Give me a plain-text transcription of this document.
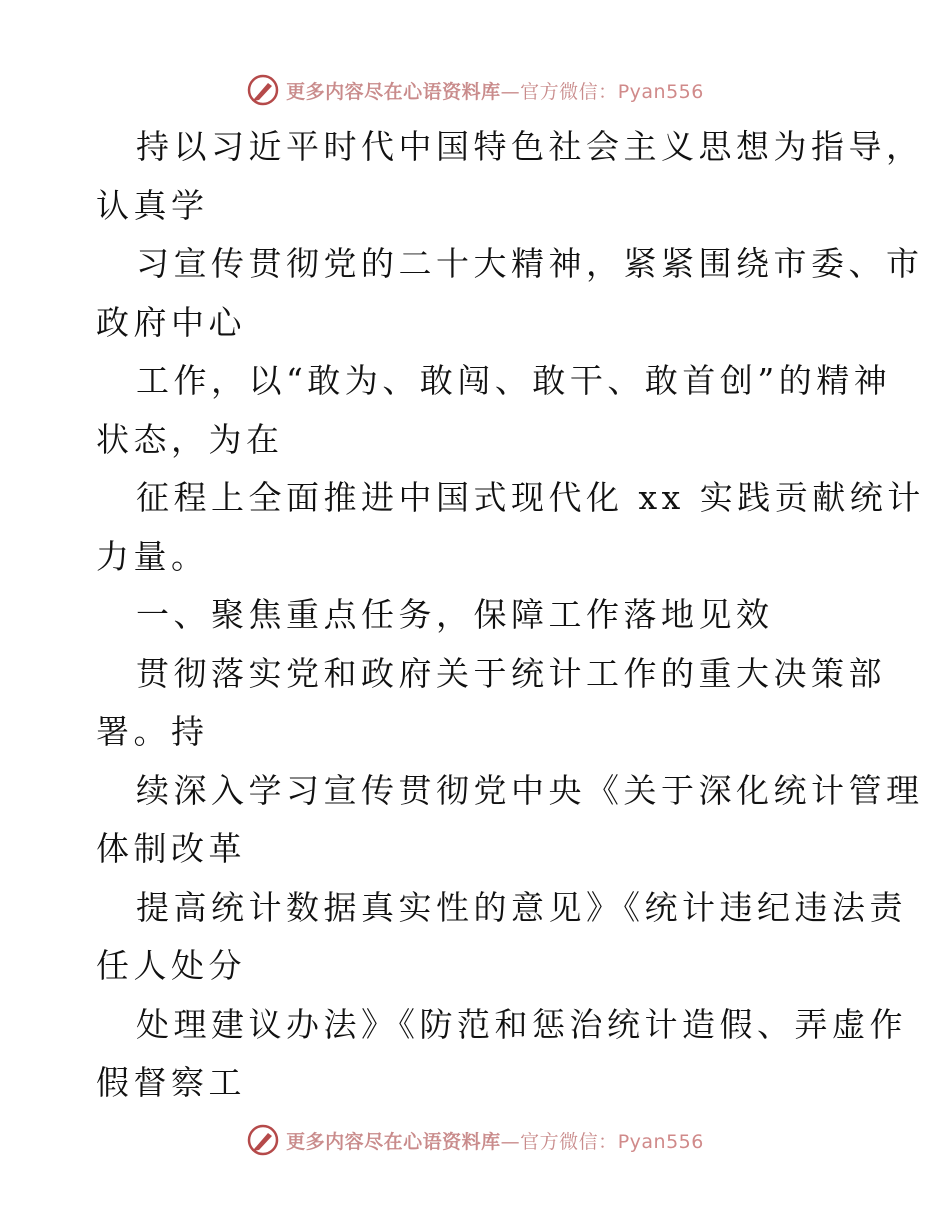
更多内容尽在心语资料库—官方微信：Pyan556
持以习近平时代中国特色社会主义思想为指导，
认真学
习宣传贯彻党的二十大精神，紧紧围绕市委、市
政府中心
工作，以“敢为、敢闯、敢干、敢首创”的精神
状态，为在
征程上全面推进中国式现代化 xx 实践贡献统计
力量。
一、聚焦重点任务，保障工作落地见效
贯彻落实党和政府关于统计工作的重大决策部
署。持
续深入学习宣传贯彻党中央《关于深化统计管理
体制改革
提高统计数据真实性的意见》《统计违纪违法责
任人处分
处理建议办法》《防范和惩治统计造假、弄虚作
假督察工
更多内容尽在心语资料库—官方微信：Pyan556
